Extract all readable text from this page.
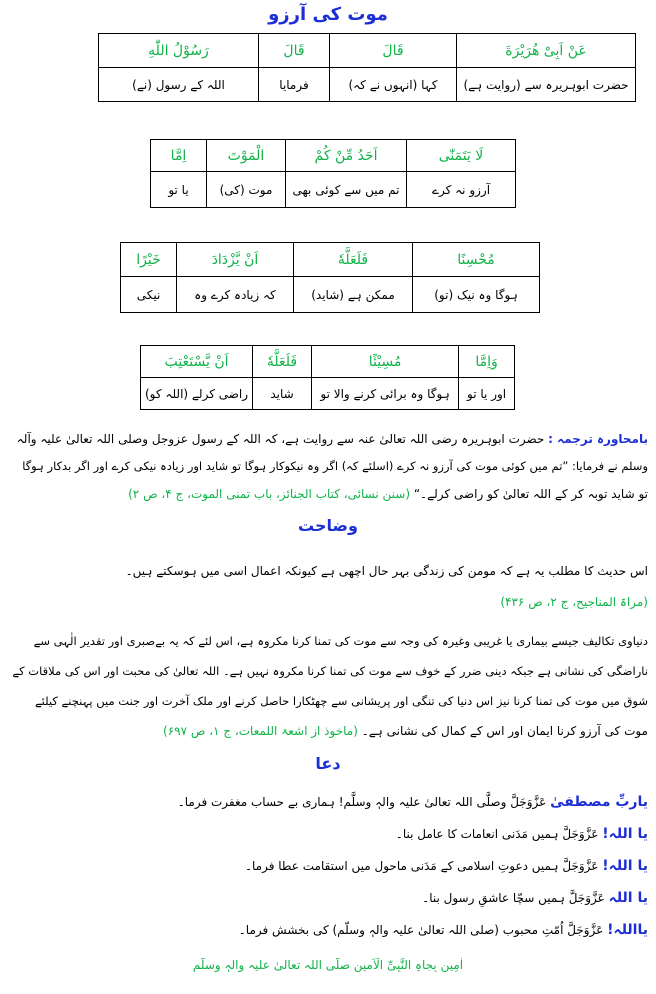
موت کی آرزو
عَنْ اَبِیْ هُرَيْرَةَ	قَالَ	قَالَ	رَسُوْلُ اللّٰهِ
حضرت ابوہریرہ سے (روایت ہے)	کہا (انہوں نے کہ)	فرمایا	اللہ کے رسول (نے)
لَا يَتَمَنّٰى	اَحَدُ مِّنْ كُمْ	الْمَوْتَ	اِمَّا
آرزو نہ کرے	تم میں سے کوئی بھی	موت (کی)	یا تو
مُحْسِنًا	فَلَعَلَّهٗ	اَنْ يَّزْدَادَ	خَيْرًا
ہوگا وہ نیک (تو)	ممکن ہے (شاید)	کہ زیادہ کرے وہ	نیکی
وَاِمَّا	مُسِيْئًا	فَلَعَلَّهٗ	اَنْ يَّسْتَعْتِبَ
اور یا تو	ہوگا وہ برائی کرنے والا تو	شاید	راضی کرلے (اللہ کو)
بامحاورہ ترجمہ : حضرت ابوہریرہ رضی اللہ تعالیٰ عنہ سے روایت ہے، کہ اللہ کے رسول عزوجل وصلی اللہ تعالیٰ علیہ وآلہ
وسلم نے فرمایا: ”تم میں کوئی موت کی آرزو نہ کرے (اسلئے کہ) اگر وہ نیکوکار ہوگا تو شاید اور زیادہ نیکی کرے اور اگر بدکار ہوگا
تو شاید توبہ کر کے اللہ تعالیٰ کو راضی کرلے۔“ (سنن نسائی، کتاب الجنائز، باب تمنی الموت، ج ۴، ص ۲)
وضاحت
اس حدیث کا مطلب یہ ہے کہ مومن کی زندگی بہر حال اچھی ہے کیونکہ اعمال اسی میں ہوسکتے ہیں۔
(مراۃ المناجیح، ج ۲، ص ۴۳۶)
دنیاوی تکالیف جیسے بیماری یا غریبی وغیرہ کی وجہ سے موت کی تمنا کرنا مکروہ ہے، اس لئے کہ یہ بےصبری اور تقدیر الٰہی سے
ناراضگی کی نشانی ہے جبکہ دینی ضرر کے خوف سے موت کی تمنا کرنا مکروہ نہیں ہے۔ اللہ تعالیٰ کی محبت اور اس کی ملاقات کے
شوق میں موت کی تمنا کرنا نیز اس دنیا کی تنگی اور پریشانی سے چھٹکارا حاصل کرنے اور ملک آخرت اور جنت میں پہنچنے کیلئے
موت کی آرزو کرنا ایمان اور اس کے کمال کی نشانی ہے۔ (ماخوذ از اشعۃ اللمعات، ج ۱، ص ۶۹۷)
دعا
یاربِّ مصطفیٰ عَزَّوَجَلَّ وصلَّی اللہ تعالیٰ علیہ والہٖ وسلَّم! ہماری بے حساب مغفرت فرما۔
یا اللہ! عَزَّوَجَلَّ ہمیں مَدَنی انعامات کا عامل بنا۔
یا اللہ! عَزَّوَجَلَّ ہمیں دعوتِ اسلامی کے مَدَنی ماحول میں استقامت عطا فرما۔
یا اللہ عَزَّوَجَلَّ ہمیں سچّا عاشقِ رسول بنا۔
یااللہ! عَزَّوَجَلَّ اُمّتِ محبوب (صلی اللہ تعالیٰ علیہ والہٖ وسلّم) کی بخشش فرما۔
اٰمِین بِجاہِ النَّبِیِّ الْاَمین صلَّی اللہ تعالیٰ علیہ والہٖ وسلَّم
